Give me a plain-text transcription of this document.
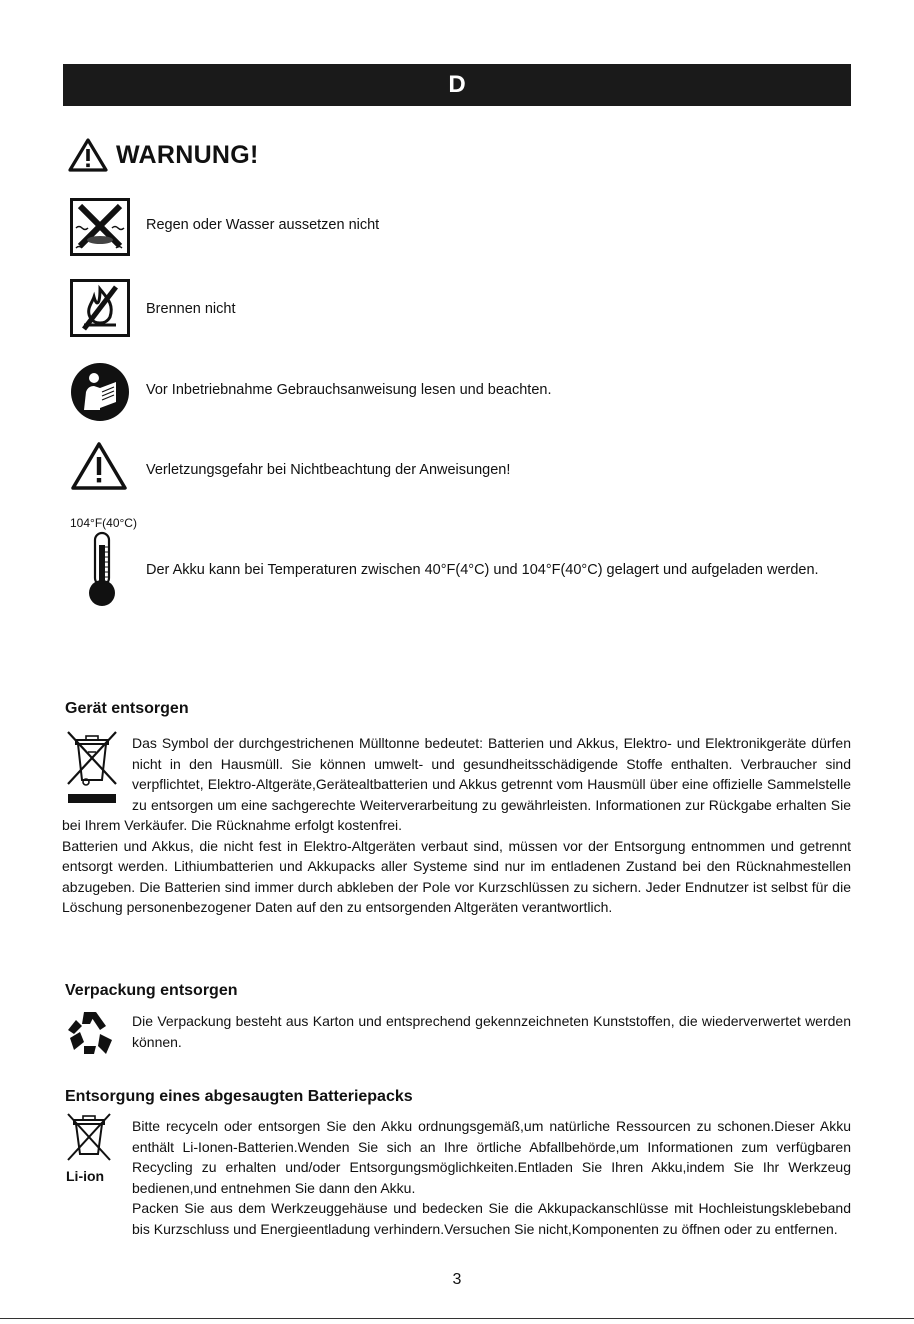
D
WARNUNG!
Regen oder Wasser aussetzen nicht
Brennen nicht
Vor Inbetriebnahme Gebrauchsanweisung lesen und beachten.
Verletzungsgefahr bei Nichtbeachtung der Anweisungen!
104°F(40°C)
Der Akku kann bei Temperaturen zwischen 40°F(4°C) und 104°F(40°C) gelagert und aufgeladen werden.
Gerät entsorgen

Das Symbol der durchgestrichenen Mülltonne bedeutet: Batterien und Akkus, Elektro- und Elektronikgeräte dürfen nicht in den Hausmüll. Sie können umwelt- und gesundheitsschädigende Stoffe enthalten. Verbraucher sind verpflichtet, Elektro-Altgeräte,Gerätealtbatterien und Akkus getrennt vom Hausmüll über eine offizielle Sammelstelle zu entsorgen um eine sachgerechte Weiterverarbeitung zu gewährleisten. Informationen zur Rückgabe erhalten Sie bei Ihrem Verkäufer. Die Rücknahme erfolgt kostenfrei.

Batterien und Akkus, die nicht fest in Elektro-Altgeräten verbaut sind, müssen vor der Entsorgung entnommen und getrennt entsorgt werden. Lithiumbatterien und Akkupacks aller Systeme sind nur im entladenen Zustand bei den Rücknahmestellen abzugeben. Die Batterien sind immer durch abkleben der Pole vor Kurzschlüssen zu sichern. Jeder Endnutzer ist selbst für die Löschung personenbezogener Daten auf den zu entsorgenden Altgeräten verantwortlich.

Verpackung entsorgen
Die Verpackung besteht aus Karton und entsprechend gekennzeichneten Kunststoffen, die wiederverwertet werden können.
Entsorgung eines abgesaugten Batteriepacks
Li-ion

Bitte recyceln oder entsorgen Sie den Akku ordnungsgemäß,um natürliche Ressourcen zu schonen.Dieser Akku enthält Li-Ionen-Batterien.Wenden Sie sich an Ihre örtliche Abfallbehörde,um Informationen zum verfügbaren Recycling zu erhalten und/oder Entsorgungsmöglichkeiten.Entladen Sie Ihren Akku,indem Sie Ihr Werkzeug bedienen,und entnehmen Sie dann den Akku.

Packen Sie aus dem Werkzeuggehäuse und bedecken Sie die Akkupackanschlüsse mit Hochleistungsklebeband bis Kurzschluss und Energieentladung verhindern.Versuchen Sie nicht,Komponenten zu öffnen oder zu entfernen.

3
